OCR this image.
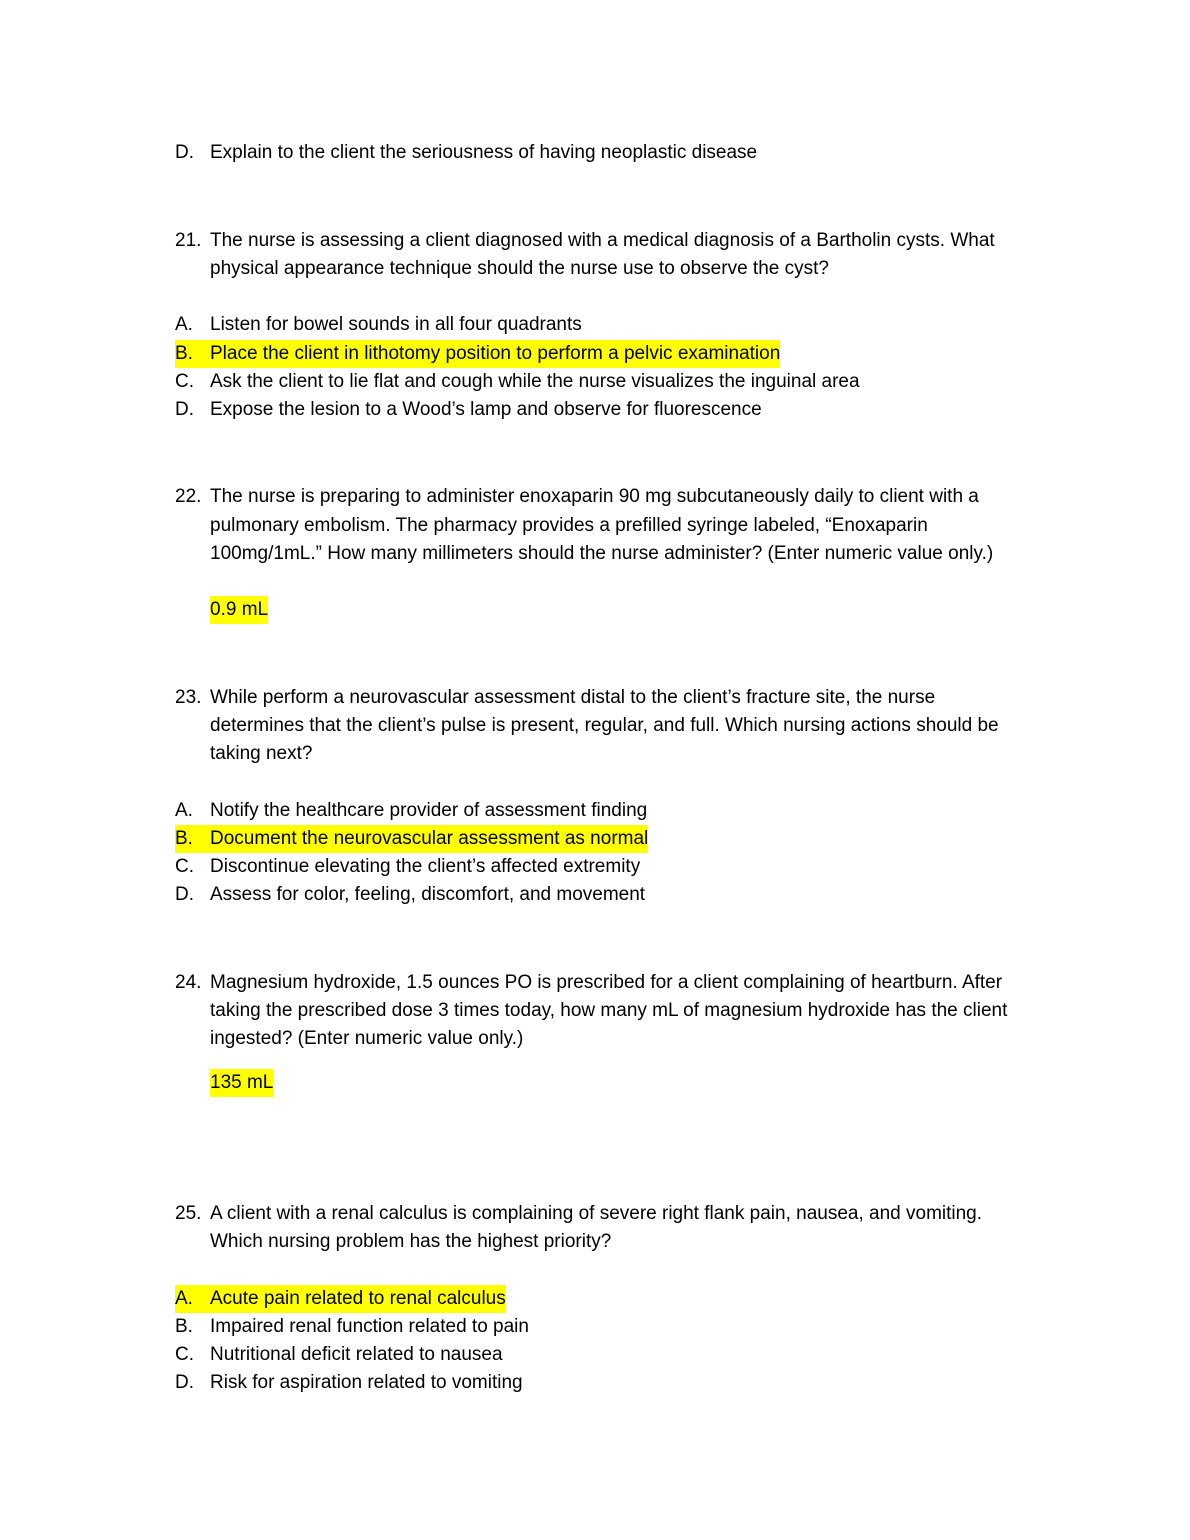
D. Explain to the client the seriousness of having neoplastic disease
21. The nurse is assessing a client diagnosed with a medical diagnosis of a Bartholin cysts. What
physical appearance technique should the nurse use to observe the cyst?
A. Listen for bowel sounds in all four quadrants
B. Place the client in lithotomy position to perform a pelvic examination
C. Ask the client to lie flat and cough while the nurse visualizes the inguinal area
D. Expose the lesion to a Wood’s lamp and observe for fluorescence
22. The nurse is preparing to administer enoxaparin 90 mg subcutaneously daily to client with a
pulmonary embolism. The pharmacy provides a prefilled syringe labeled, “Enoxaparin
100mg/1mL.” How many millimeters should the nurse administer? (Enter numeric value only.)
0.9 mL
23. While perform a neurovascular assessment distal to the client’s fracture site, the nurse
determines that the client’s pulse is present, regular, and full. Which nursing actions should be
taking next?
A. Notify the healthcare provider of assessment finding
B. Document the neurovascular assessment as normal
C. Discontinue elevating the client’s affected extremity
D. Assess for color, feeling, discomfort, and movement
24. Magnesium hydroxide, 1.5 ounces PO is prescribed for a client complaining of heartburn. After
taking the prescribed dose 3 times today, how many mL of magnesium hydroxide has the client
ingested? (Enter numeric value only.)
135 mL
25. A client with a renal calculus is complaining of severe right flank pain, nausea, and vomiting.
Which nursing problem has the highest priority?
A. Acute pain related to renal calculus
B. Impaired renal function related to pain
C. Nutritional deficit related to nausea
D. Risk for aspiration related to vomiting
